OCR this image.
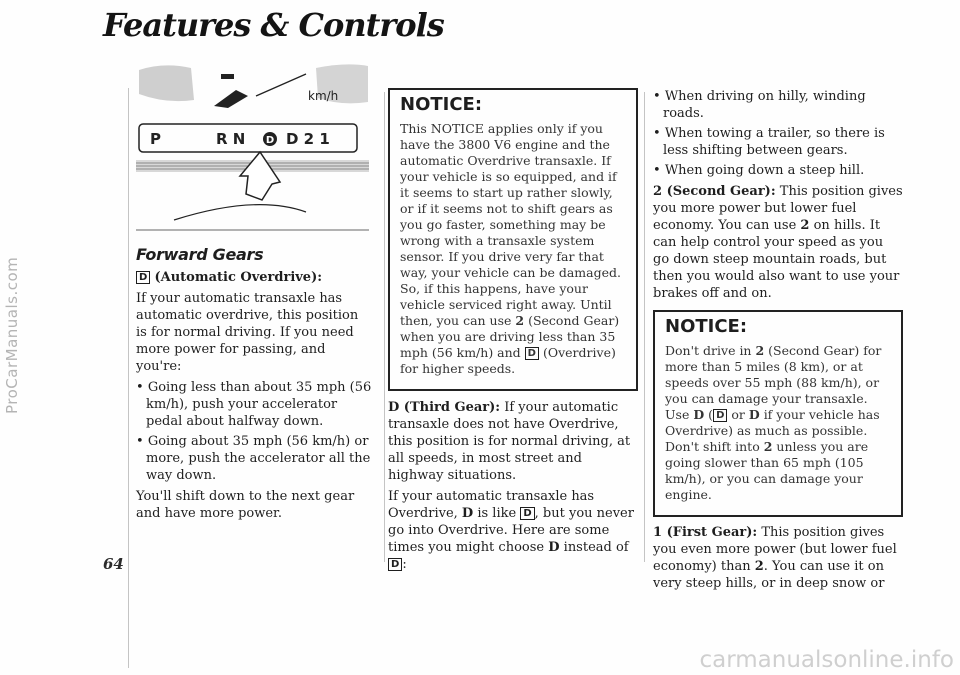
Features & Controls
64
ProCarManuals.com
carmanualsonline.info
km/h
P	R N D D 2 1
Forward Gears

D (Automatic Overdrive):

If your automatic transaxle has automatic overdrive, this position is for normal driving. If you need more power for passing, and you're:

• Going less than about 35 mph (56 km/h), push your accelerator pedal about halfway down.
• Going about 35 mph (56 km/h) or more, push the accelerator all the way down.

You'll shift down to the next gear and have more power.

NOTICE:

This NOTICE applies only if you have the 3800 V6 engine and the automatic Overdrive transaxle. If your vehicle is so equipped, and if it seems to start up rather slowly, or if it seems not to shift gears as you go faster, something may be wrong with a transaxle system sensor. If you drive very far that way, your vehicle can be damaged. So, if this happens, have your vehicle serviced right away. Until then, you can use 2 (Second Gear) when you are driving less than 35 mph (56 km/h) and D (Overdrive) for higher speeds.

D (Third Gear): If your automatic transaxle does not have Overdrive, this position is for normal driving, at all speeds, in most street and highway situations.

If your automatic transaxle has Overdrive, D is like D , but you never go into Overdrive. Here are some times you might choose D instead of D :

• When driving on hilly, winding roads.
• When towing a trailer, so there is less shifting between gears.
• When going down a steep hill.

2 (Second Gear): This position gives you more power but lower fuel economy. You can use 2 on hills. It can help control your speed as you go down steep mountain roads, but then you would also want to use your brakes off and on.

NOTICE:

Don't drive in 2 (Second Gear) for more than 5 miles (8 km), or at speeds over 55 mph (88 km/h), or you can damage your transaxle. Use D ( D or D if your vehicle has Overdrive) as much as possible. Don't shift into 2 unless you are going slower than 65 mph (105 km/h), or you can damage your engine.

1 (First Gear): This position gives you even more power (but lower fuel economy) than 2. You can use it on very steep hills, or in deep snow or
